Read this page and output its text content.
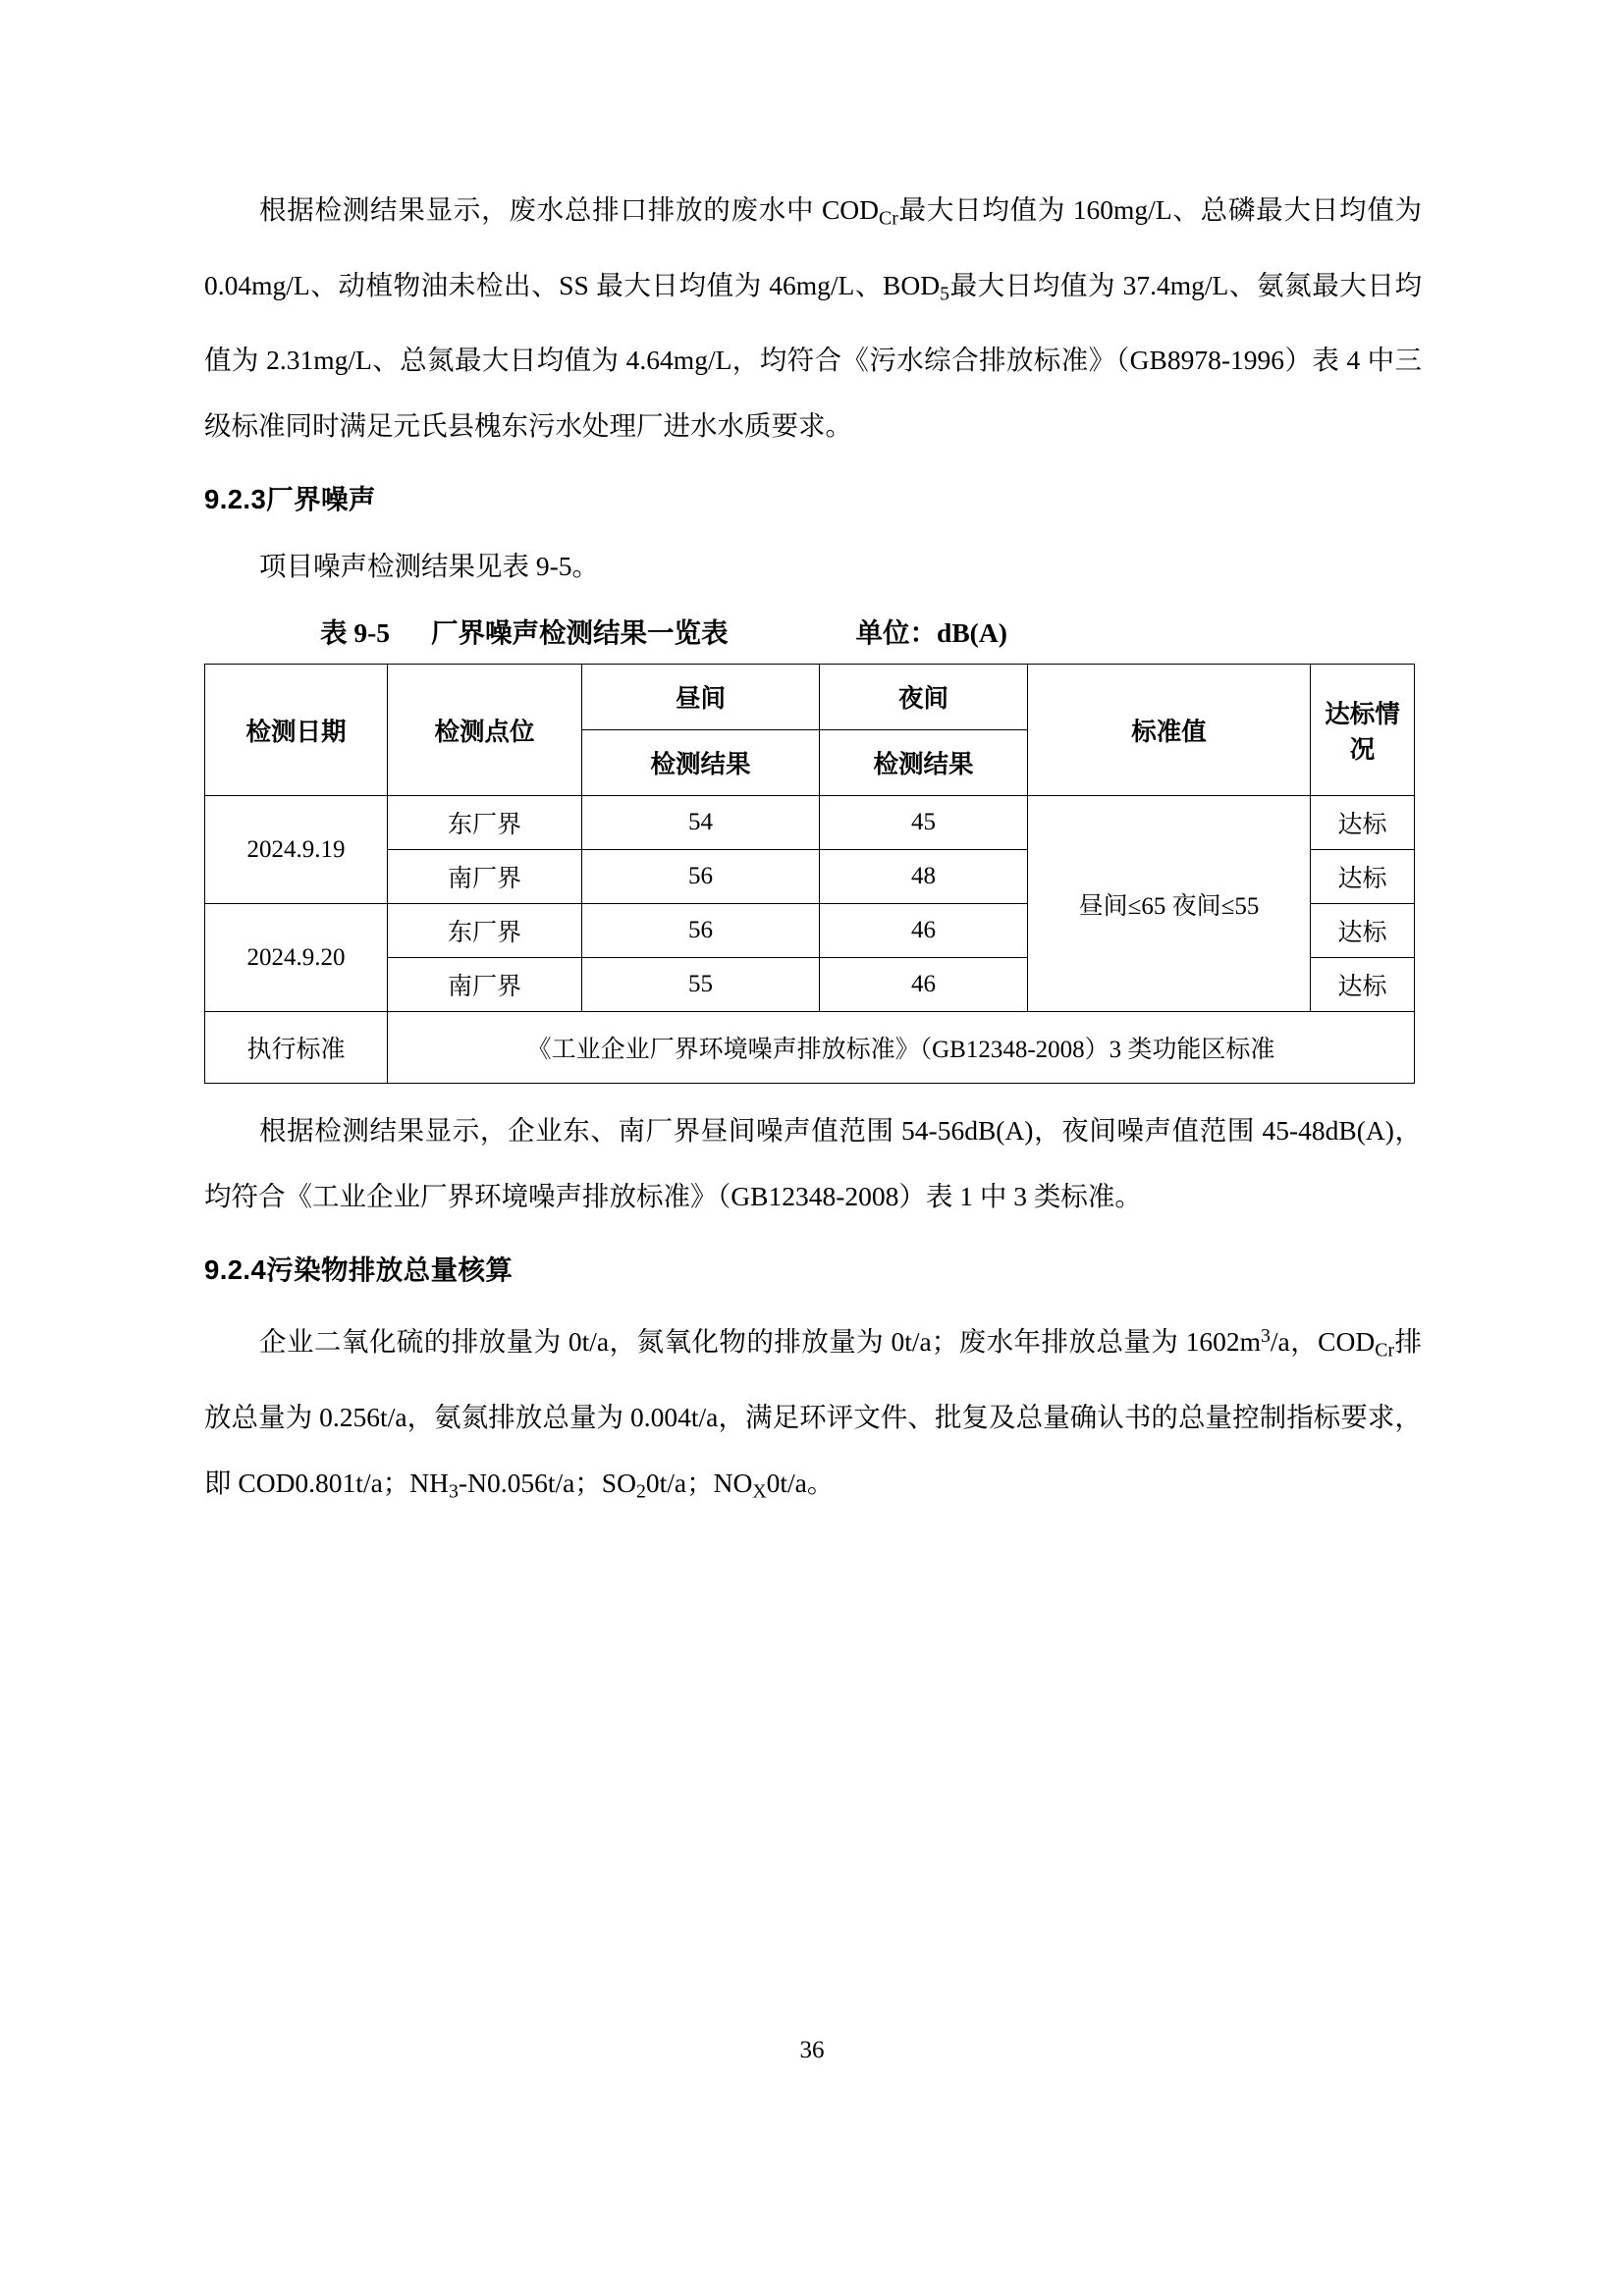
根据检测结果显示，废水总排口排放的废水中 $COD_{Cr}$最大日均值为 160mg/L、总磷最大日均值为 0.04mg/L、动植物油未检出、SS 最大日均值为 46mg/L、$BOD_5$最大日均值为 37.4mg/L、氨氮最大日均值为 2.31mg/L、总氮最大日均值为 4.64mg/L，均符合《污水综合排放标准》（GB8978-1996）表 4 中三级标准同时满足元氏县槐东污水处理厂进水水质要求。

9.2.3厂界噪声

项目噪声检测结果见表 9-5。

表 9-5 厂界噪声检测结果一览表	单位：dB(A)
检测日期	检测点位	昼间	夜间	标准值	达标情况
		检测结果	检测结果		
2024.9.19	东厂界	54	45	昼间≤65 夜间≤55	达标
	南厂界	56	48		达标
2024.9.20	东厂界	56	46		达标
	南厂界	55	46		达标
执行标准	《工业企业厂界环境噪声排放标准》（GB12348-2008）3 类功能区标准				

根据检测结果显示，企业东、南厂界昼间噪声值范围 54-56dB(A)，夜间噪声值范围 45-48dB(A)，均符合《工业企业厂界环境噪声排放标准》（GB12348-2008）表 1 中 3 类标准。

9.2.4污染物排放总量核算

企业二氧化硫的排放量为 0t/a，氮氧化物的排放量为 0t/a；废水年排放总量为 $1602m^3/a$，$COD_{Cr}$排放总量为 0.256t/a，氨氮排放总量为 0.004t/a，满足环评文件、批复及总量确认书的总量控制指标要求，即 COD0.801t/a；$NH_3-N0.056t/a$；$SO_20t/a$；$NO_X0t/a$。

36
